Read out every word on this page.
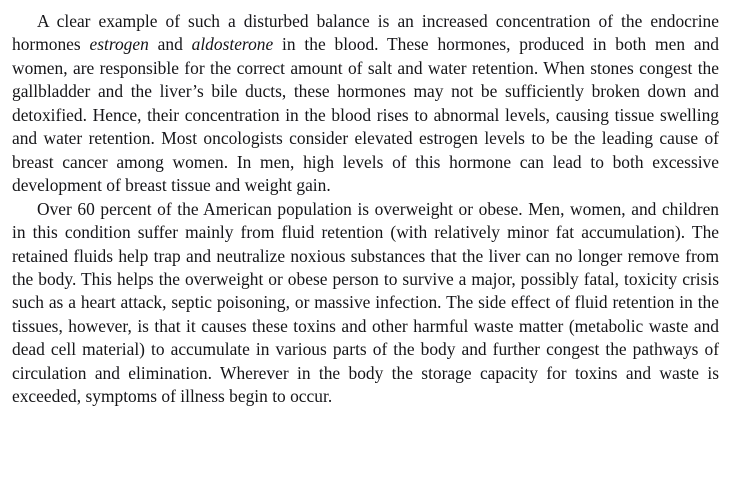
A clear example of such a disturbed balance is an increased concentration of the endocrine hormones estrogen and aldosterone in the blood. These hormones, produced in both men and women, are responsible for the correct amount of salt and water retention. When stones congest the gallbladder and the liver’s bile ducts, these hormones may not be sufficiently broken down and detoxified. Hence, their concentration in the blood rises to abnormal levels, causing tissue swelling and water retention. Most oncologists consider elevated estrogen levels to be the leading cause of breast cancer among women. In men, high levels of this hormone can lead to both excessive development of breast tissue and weight gain.

Over 60 percent of the American population is overweight or obese. Men, women, and children in this condition suffer mainly from fluid retention (with relatively minor fat accumulation). The retained fluids help trap and neutralize noxious substances that the liver can no longer remove from the body. This helps the overweight or obese person to survive a major, possibly fatal, toxicity crisis such as a heart attack, septic poisoning, or massive infection. The side effect of fluid retention in the tissues, however, is that it causes these toxins and other harmful waste matter (metabolic waste and dead cell material) to accumulate in various parts of the body and further congest the pathways of circulation and elimination. Wherever in the body the storage capacity for toxins and waste is exceeded, symptoms of illness begin to occur.
